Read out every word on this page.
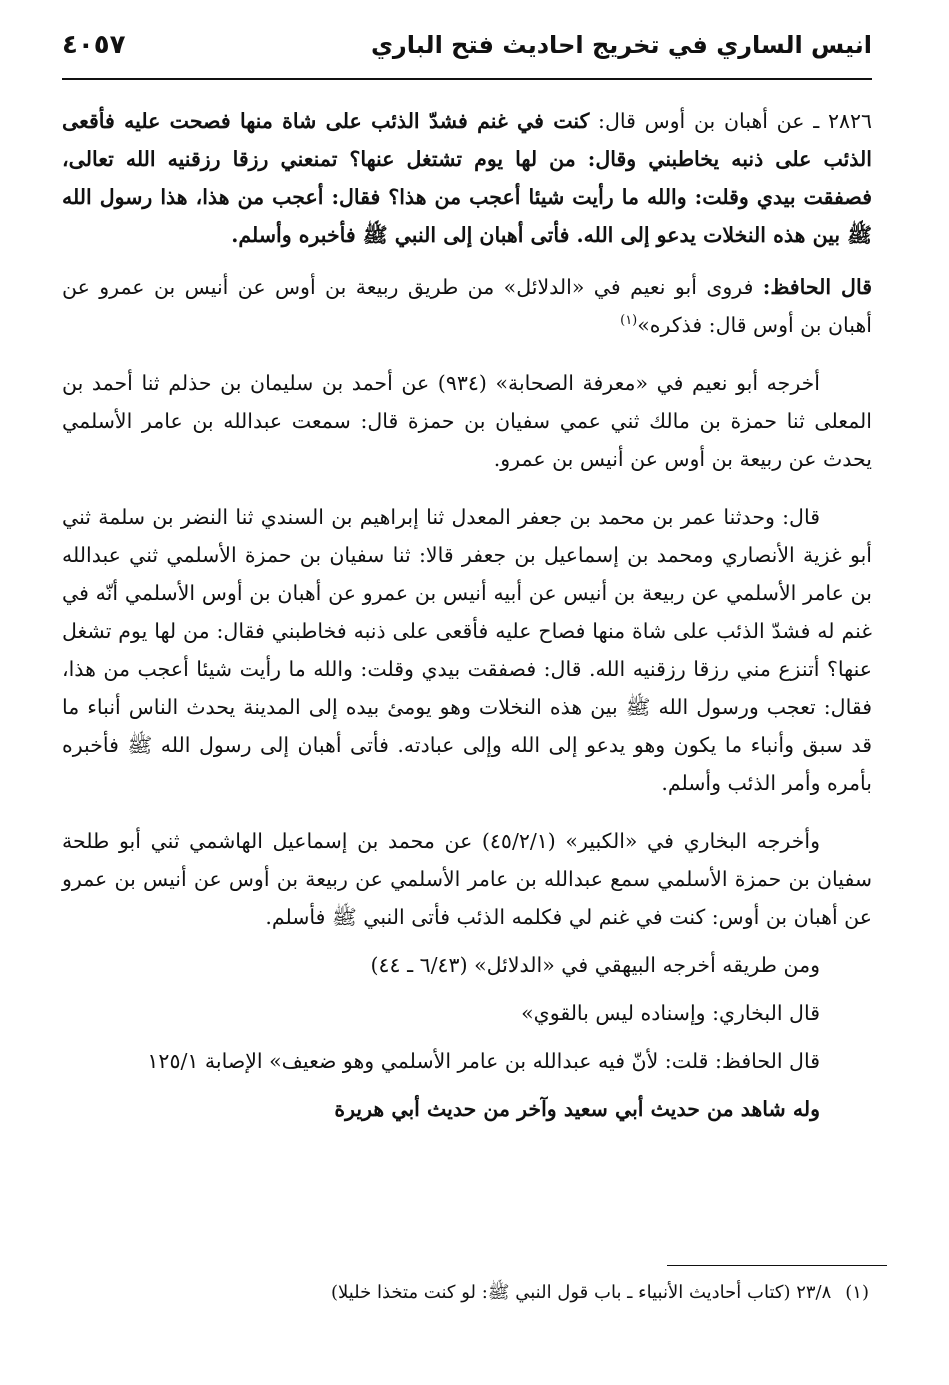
انيس الساري في تخريج احاديث فتح الباري
٤٠٥٧

٢٨٢٦ ـ عن أهبان بن أوس قال: كنت في غنم فشدّ الذئب على شاة منها فصحت عليه فأقعى الذئب على ذنبه يخاطبني وقال: من لها يوم تشتغل عنها؟ تمنعني رزقا رزقنيه الله تعالى، فصفقت بيدي وقلت: والله ما رأيت شيئا أعجب من هذا؟ فقال: أعجب من هذا، هذا رسول الله ﷺ بين هذه النخلات يدعو إلى الله. فأتى أهبان إلى النبي ﷺ فأخبره وأسلم.

قال الحافظ: فروى أبو نعيم في «الدلائل» من طريق ربيعة بن أوس عن أنيس بن عمرو عن أهبان بن أوس قال: فذكره»$^{(١)}$

أخرجه أبو نعيم في «معرفة الصحابة» (٩٣٤) عن أحمد بن سليمان بن حذلم ثنا أحمد بن المعلى ثنا حمزة بن مالك ثني عمي سفيان بن حمزة قال: سمعت عبدالله بن عامر الأسلمي يحدث عن ربيعة بن أوس عن أنيس بن عمرو.

قال: وحدثنا عمر بن محمد بن جعفر المعدل ثنا إبراهيم بن السندي ثنا النضر بن سلمة ثني أبو غزية الأنصاري ومحمد بن إسماعيل بن جعفر قالا: ثنا سفيان بن حمزة الأسلمي ثني عبدالله بن عامر الأسلمي عن ربيعة بن أنيس عن أبيه أنيس بن عمرو عن أهبان بن أوس الأسلمي أنّه في غنم له فشدّ الذئب على شاة منها فصاح عليه فأقعى على ذنبه فخاطبني فقال: من لها يوم تشغل عنها؟ أتنزع مني رزقا رزقنيه الله. قال: فصفقت بيدي وقلت: والله ما رأيت شيئا أعجب من هذا، فقال: تعجب ورسول الله ﷺ بين هذه النخلات وهو يومئ بيده إلى المدينة يحدث الناس أنباء ما قد سبق وأنباء ما يكون وهو يدعو إلى الله وإلى عبادته. فأتى أهبان إلى رسول الله ﷺ فأخبره بأمره وأمر الذئب وأسلم.

وأخرجه البخاري في «الكبير» (٤٥/٢/١) عن محمد بن إسماعيل الهاشمي ثني أبو طلحة سفيان بن حمزة الأسلمي سمع عبدالله بن عامر الأسلمي عن ربيعة بن أوس عن أنيس بن عمرو عن أهبان بن أوس: كنت في غنم لي فكلمه الذئب فأتى النبي ﷺ فأسلم.

ومن طريقه أخرجه البيهقي في «الدلائل» (٦/٤٣ ـ ٤٤)

قال البخاري: وإسناده ليس بالقوي»

قال الحافظ: قلت: لأنّ فيه عبدالله بن عامر الأسلمي وهو ضعيف» الإصابة ١٢٥/١

وله شاهد من حديث أبي سعيد وآخر من حديث أبي هريرة

(١)٢٣/٨ (كتاب أحاديث الأنبياء ـ باب قول النبي ﷺ: لو كنت متخذا خليلا)
